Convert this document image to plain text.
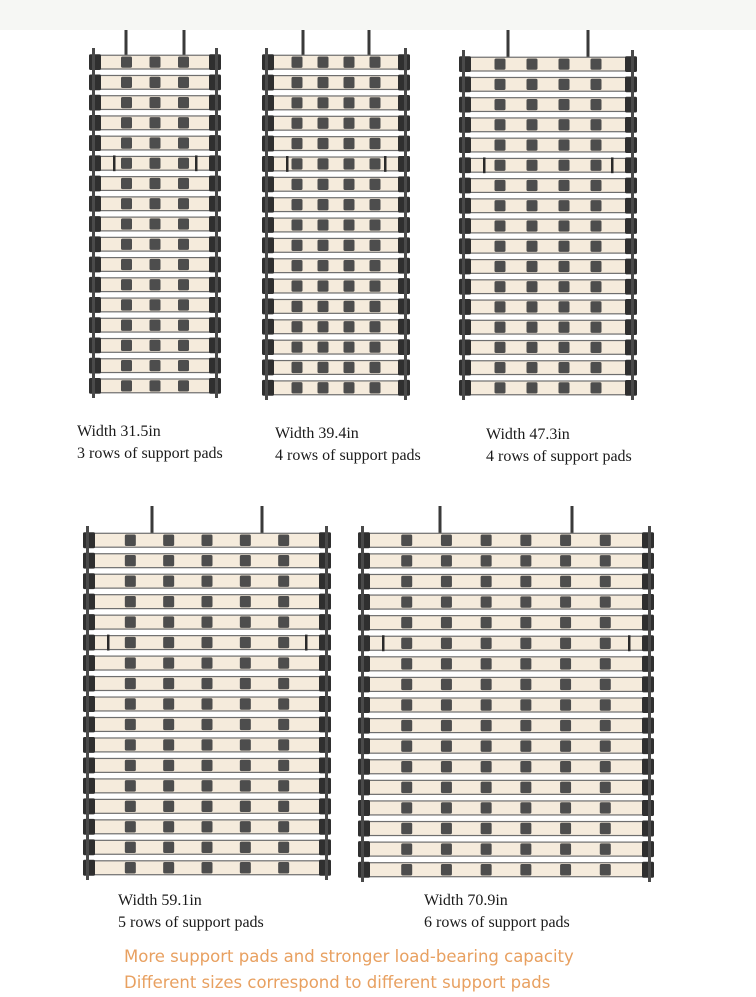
Width 31.5in
3 rows of support pads
Width 39.4in
4 rows of support pads
Width 47.3in
4 rows of support pads
Width 59.1in
5 rows of support pads
Width 70.9in
6 rows of support pads
More support pads and stronger load-bearing capacity
Different sizes correspond to different support pads
